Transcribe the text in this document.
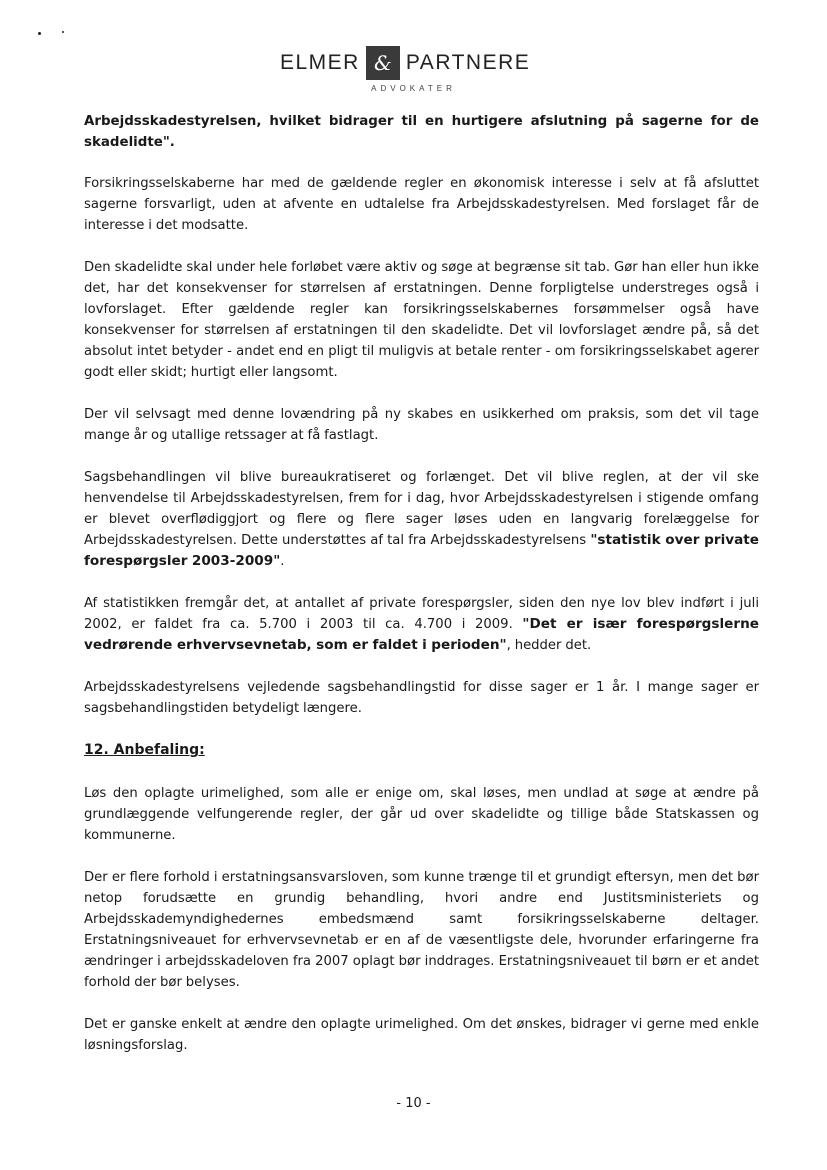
ELMER & PARTNERE
ADVOKATER

Arbejdsskadestyrelsen, hvilket bidrager til en hurtigere afslutning på sagerne for de skadelidte".

Forsikringsselskaberne har med de gældende regler en økonomisk interesse i selv at få afsluttet sagerne forsvarligt, uden at afvente en udtalelse fra Arbejdsskadestyrelsen. Med forslaget får de interesse i det modsatte.

Den skadelidte skal under hele forløbet være aktiv og søge at begrænse sit tab. Gør han eller hun ikke det, har det konsekvenser for størrelsen af erstatningen. Denne forpligtelse understreges også i lovforslaget. Efter gældende regler kan forsikringsselskabernes forsømmelser også have konsekvenser for størrelsen af erstatningen til den skadelidte. Det vil lovforslaget ændre på, så det absolut intet betyder - andet end en pligt til muligvis at betale renter - om forsikringsselskabet agerer godt eller skidt; hurtigt eller langsomt.

Der vil selvsagt med denne lovændring på ny skabes en usikkerhed om praksis, som det vil tage mange år og utallige retssager at få fastlagt.

Sagsbehandlingen vil blive bureaukratiseret og forlænget. Det vil blive reglen, at der vil ske henvendelse til Arbejdsskadestyrelsen, frem for i dag, hvor Arbejdsskadestyrelsen i stigende omfang er blevet overflødiggjort og flere og flere sager løses uden en langvarig forelæggelse for Arbejdsskadestyrelsen. Dette understøttes af tal fra Arbejdsskadestyrelsens "statistik over private forespørgsler 2003-2009".

Af statistikken fremgår det, at antallet af private forespørgsler, siden den nye lov blev indført i juli 2002, er faldet fra ca. 5.700 i 2003 til ca. 4.700 i 2009. "Det er især forespørgslerne vedrørende erhvervsevnetab, som er faldet i perioden", hedder det.

Arbejdsskadestyrelsens vejledende sagsbehandlingstid for disse sager er 1 år. I mange sager er sagsbehandlingstiden betydeligt længere.

12. Anbefaling:

Løs den oplagte urimelighed, som alle er enige om, skal løses, men undlad at søge at ændre på grundlæggende velfungerende regler, der går ud over skadelidte og tillige både Statskassen og kommunerne.

Der er flere forhold i erstatningsansvarsloven, som kunne trænge til et grundigt eftersyn, men det bør netop forudsætte en grundig behandling, hvori andre end Justitsministeriets og Arbejdsskademyndighedernes embedsmænd samt forsikringsselskaberne deltager. Erstatningsniveauet for erhvervsevnetab er en af de væsentligste dele, hvorunder erfaringerne fra ændringer i arbejdsskadeloven fra 2007 oplagt bør inddrages. Erstatningsniveauet til børn er et andet forhold der bør belyses.

Det er ganske enkelt at ændre den oplagte urimelighed. Om det ønskes, bidrager vi gerne med enkle løsningsforslag.

- 10 -
